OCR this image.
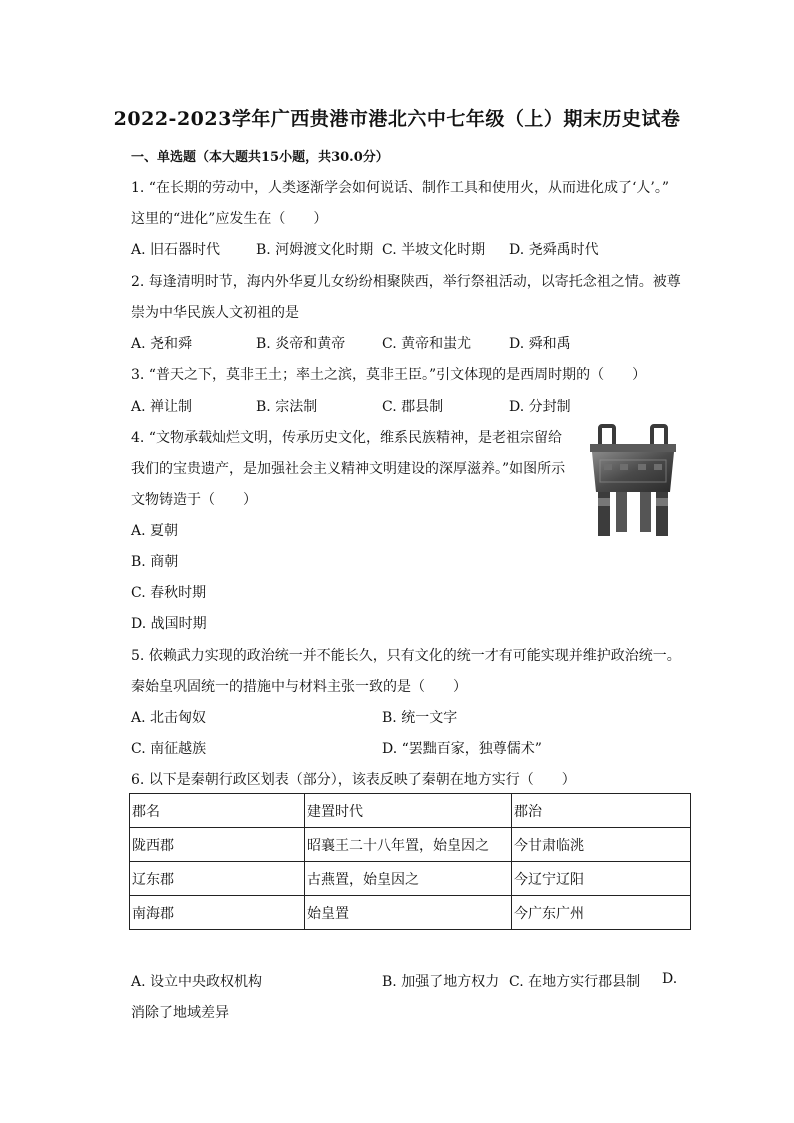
2022-2023学年广西贵港市港北六中七年级（上）期末历史试卷
一、单选题（本大题共15小题，共30.0分）
1. “在长期的劳动中，人类逐渐学会如何说话、制作工具和使用火，从而进化成了‘人’。”
这里的“进化”应发生在（　　）
A. 旧石器时代	B. 河姆渡文化时期 C. 半坡文化时期 D. 尧舜禹时代
2. 每逢清明时节，海内外华夏儿女纷纷相聚陕西，举行祭祖活动，以寄托念祖之情。被尊
崇为中华民族人文初祖的是
A. 尧和舜	B. 炎帝和黄帝	C. 黄帝和蚩尤	D. 舜和禹
3. “普天之下，莫非王土；率土之滨，莫非王臣。”引文体现的是西周时期的（　　）
A. 禅让制	B. 宗法制	C. 郡县制	D. 分封制
4. “文物承载灿烂文明，传承历史文化，维系民族精神，是老祖宗留给
我们的宝贵遗产，是加强社会主义精神文明建设的深厚滋养。”如图所示
文物铸造于（　　）
A. 夏朝
B. 商朝
C. 春秋时期
D. 战国时期
5. 依赖武力实现的政治统一并不能长久，只有文化的统一才有可能实现并维护政治统一。
秦始皇巩固统一的措施中与材料主张一致的是（　　）
A. 北击匈奴	B. 统一文字
C. 南征越族	D. “罢黜百家，独尊儒术”
6. 以下是秦朝行政区划表（部分），该表反映了秦朝在地方实行（　　）
郡名	建置时代	郡治
陇西郡	昭襄王二十八年置，始皇因之	今甘肃临洮
辽东郡	古燕置，始皇因之	今辽宁辽阳
南海郡	始皇置	今广东广州
A. 设立中央政权机构	B. 加强了地方权力 C. 在地方实行郡县制 D.
消除了地域差异
